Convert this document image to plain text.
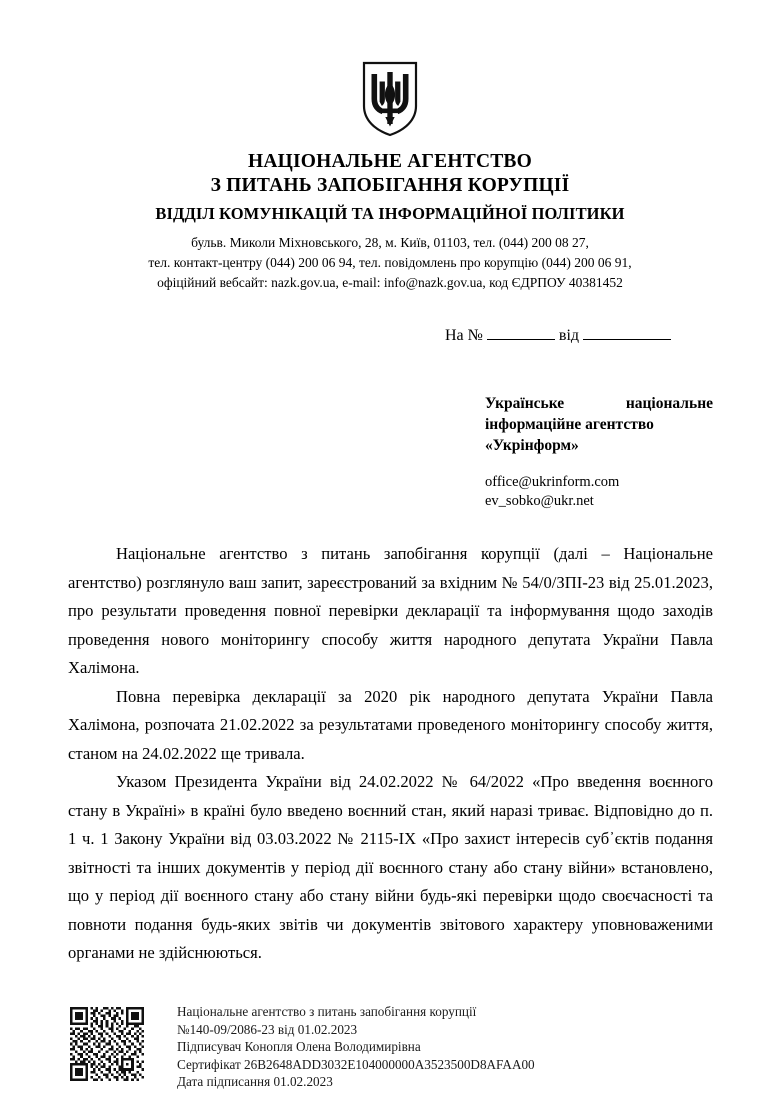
НАЦІОНАЛЬНЕ АГЕНТСТВО
З ПИТАНЬ ЗАПОБІГАННЯ КОРУПЦІЇ
ВІДДІЛ КОМУНІКАЦІЙ ТА ІНФОРМАЦІЙНОЇ ПОЛІТИКИ
бульв. Миколи Міхновського, 28, м. Київ, 01103, тел. (044) 200 08 27,
тел. контакт-центру (044) 200 06 94, тел. повідомлень про корупцію (044) 200 06 91,
офіційний вебсайт: nazk.gov.ua, e-mail: info@nazk.gov.ua, код ЄДРПОУ 40381452
На №	від
Українське	національне
інформаційне агентство
«Укрінформ»
office@ukrinform.com
ev_sobko@ukr.net

Національне агентство з питань запобігання корупції (далі – Національне агентство) розглянуло ваш запит, зареєстрований за вхідним № 54/0/ЗПІ-23 від 25.01.2023, про результати проведення повної перевірки декларації та інформування щодо заходів проведення нового моніторингу способу життя народного депутата України Павла Халімона.

Повна перевірка декларації за 2020 рік народного депутата України Павла Халімона, розпочата 21.02.2022 за результатами проведеного моніторингу способу життя, станом на 24.02.2022 ще тривала.

Указом Президента України від 24.02.2022 № 64/2022 «Про введення воєнного стану в Україні» в країні було введено воєнний стан, який наразі триває. Відповідно до п. 1 ч. 1 Закону України від 03.03.2022 № 2115-IX «Про захист інтересів суб᾽єктів подання звітності та інших документів у період дії воєнного стану або стану війни» встановлено, що у період дії воєнного стану або стану війни будь-які перевірки щодо своєчасності та повноти подання будь-яких звітів чи документів звітового характеру уповноваженими органами не здійснюються.

Національне агентство з питань запобігання корупції
№140-09/2086-23 від 01.02.2023
Підписувач Конопля Олена Володимирівна
Сертифікат 26B2648ADD3032E104000000A3523500D8AFAA00
Дата підписання 01.02.2023
